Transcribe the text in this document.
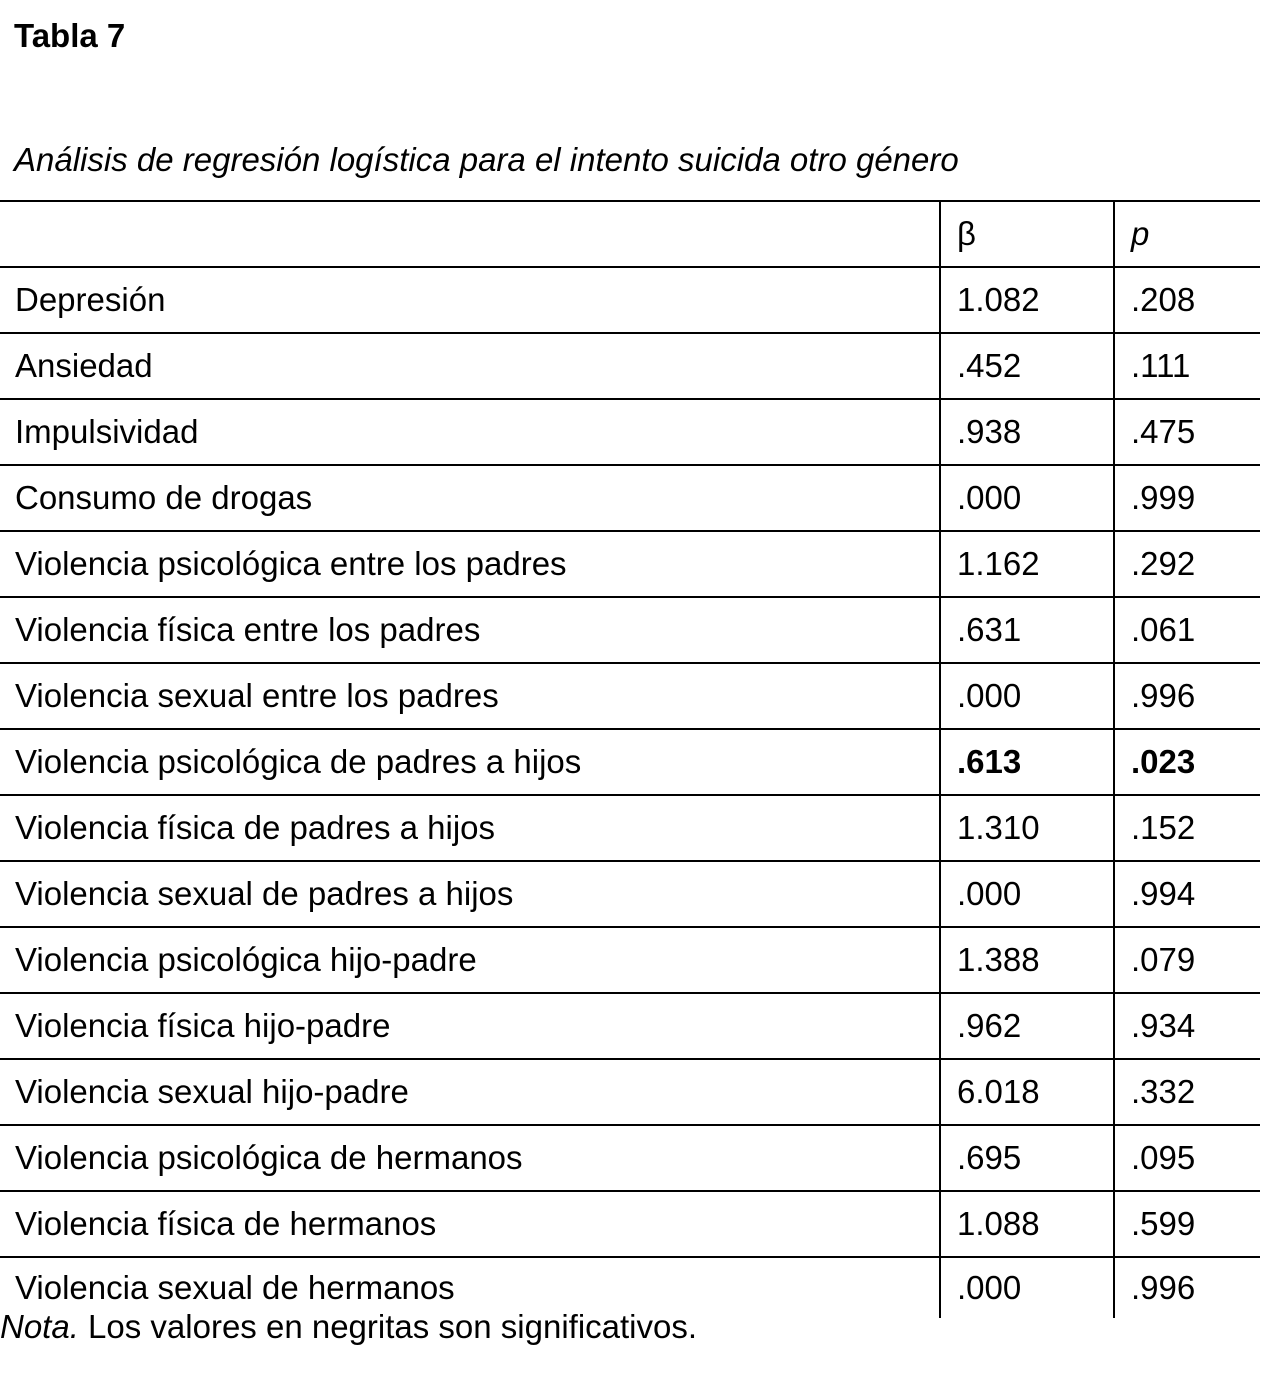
Tabla 7

Análisis de regresión logística para el intento suicida otro género

	β	p
Depresión	1.082	.208
Ansiedad	.452	.111
Impulsividad	.938	.475
Consumo de drogas	.000	.999
Violencia psicológica entre los padres	1.162	.292
Violencia física entre los padres	.631	.061
Violencia sexual entre los padres	.000	.996
Violencia psicológica de padres a hijos	.613	.023
Violencia física de padres a hijos	1.310	.152
Violencia sexual de padres a hijos	.000	.994
Violencia psicológica hijo-padre	1.388	.079
Violencia física hijo-padre	.962	.934
Violencia sexual hijo-padre	6.018	.332
Violencia psicológica de hermanos	.695	.095
Violencia física de hermanos	1.088	.599
Violencia sexual de hermanos	.000	.996

Nota. Los valores en negritas son significativos.
